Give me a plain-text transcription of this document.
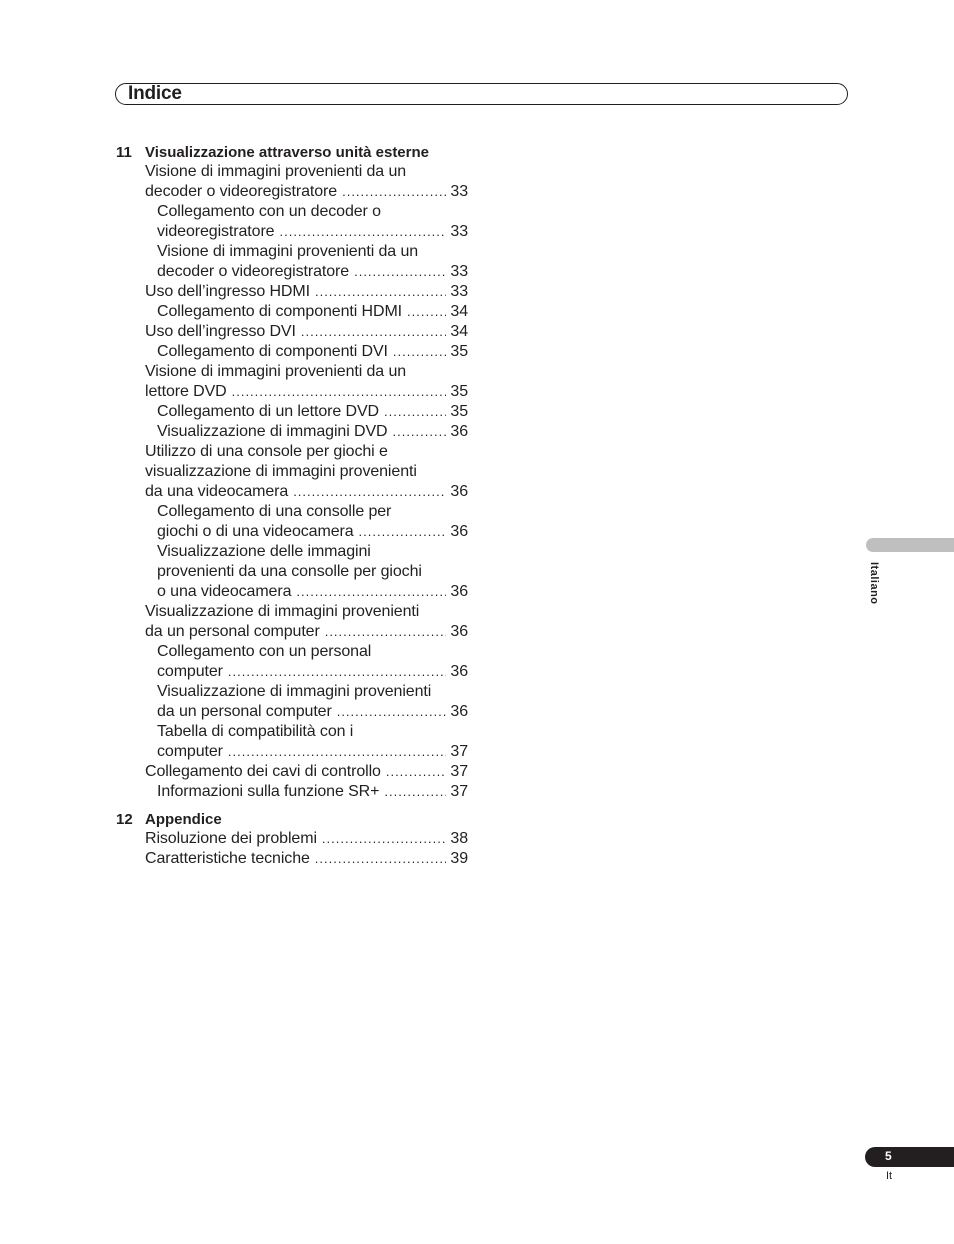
Indice
11 Visualizzazione attraverso unità esterne
Visione di immagini provenienti da un
decoder o videoregistratore .....	33
Collegamento con un decoder o
videoregistratore .....	33
Visione di immagini provenienti da un
decoder o videoregistratore .....	33
Uso dell’ingresso HDMI .....	33
Collegamento di componenti HDMI .....	34
Uso dell’ingresso DVI .....	34
Collegamento di componenti DVI .....	35
Visione di immagini provenienti da un
lettore DVD .....	35
Collegamento di un lettore DVD .....	35
Visualizzazione di immagini DVD .....	36
Utilizzo di una console per giochi e
visualizzazione di immagini provenienti
da una videocamera .....	36
Collegamento di una consolle per
giochi o di una videocamera .....	36
Visualizzazione delle immagini
provenienti da una consolle per giochi
o una videocamera .....	36
Visualizzazione di immagini provenienti
da un personal computer .....	36
Collegamento con un personal
computer .....	36
Visualizzazione di immagini provenienti
da un personal computer .....	36
Tabella di compatibilità con i
computer .....	37
Collegamento dei cavi di controllo .....	37
Informazioni sulla funzione SR+ .....	37
12 Appendice
Risoluzione dei problemi .....	38
Caratteristiche tecniche .....	39
Italiano
5
It
